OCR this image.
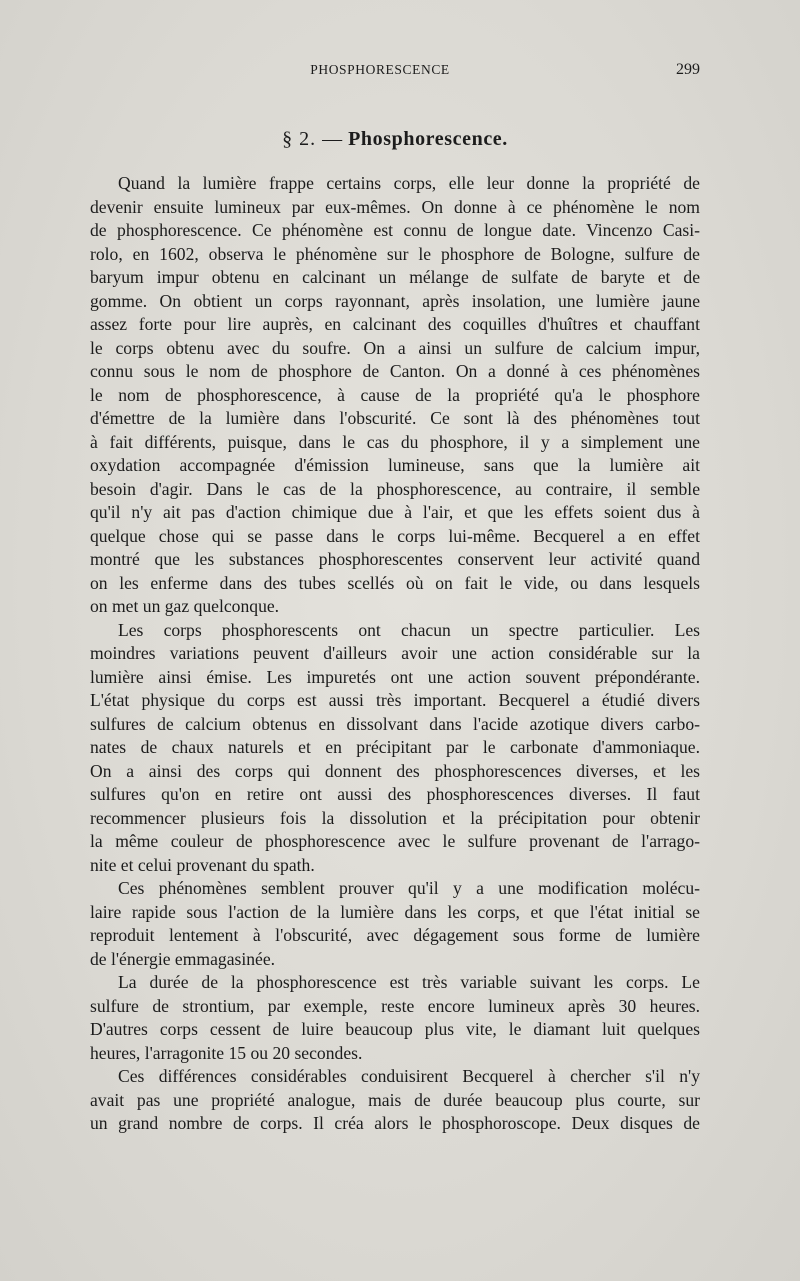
PHOSPHORESCENCE	299
§ 2. — Phosphorescence.
Quand la lumière frappe certains corps, elle leur donne la propriété de
devenir ensuite lumineux par eux-mêmes. On donne à ce phénomène le nom
de phosphorescence. Ce phénomène est connu de longue date. Vincenzo Casi-
rolo, en 1602, observa le phénomène sur le phosphore de Bologne, sulfure de
baryum impur obtenu en calcinant un mélange de sulfate de baryte et de
gomme. On obtient un corps rayonnant, après insolation, une lumière jaune
assez forte pour lire auprès, en calcinant des coquilles d'huîtres et chauffant
le corps obtenu avec du soufre. On a ainsi un sulfure de calcium impur,
connu sous le nom de phosphore de Canton. On a donné à ces phénomènes
le nom de phosphorescence, à cause de la propriété qu'a le phosphore
d'émettre de la lumière dans l'obscurité. Ce sont là des phénomènes tout
à fait différents, puisque, dans le cas du phosphore, il y a simplement une
oxydation accompagnée d'émission lumineuse, sans que la lumière ait
besoin d'agir. Dans le cas de la phosphorescence, au contraire, il semble
qu'il n'y ait pas d'action chimique due à l'air, et que les effets soient dus à
quelque chose qui se passe dans le corps lui-même. Becquerel a en effet
montré que les substances phosphorescentes conservent leur activité quand
on les enferme dans des tubes scellés où on fait le vide, ou dans lesquels
on met un gaz quelconque.
Les corps phosphorescents ont chacun un spectre particulier. Les
moindres variations peuvent d'ailleurs avoir une action considérable sur la
lumière ainsi émise. Les impuretés ont une action souvent prépondérante.
L'état physique du corps est aussi très important. Becquerel a étudié divers
sulfures de calcium obtenus en dissolvant dans l'acide azotique divers carbo-
nates de chaux naturels et en précipitant par le carbonate d'ammoniaque.
On a ainsi des corps qui donnent des phosphorescences diverses, et les
sulfures qu'on en retire ont aussi des phosphorescences diverses. Il faut
recommencer plusieurs fois la dissolution et la précipitation pour obtenir
la même couleur de phosphorescence avec le sulfure provenant de l'arrago-
nite et celui provenant du spath.
Ces phénomènes semblent prouver qu'il y a une modification molécu-
laire rapide sous l'action de la lumière dans les corps, et que l'état initial se
reproduit lentement à l'obscurité, avec dégagement sous forme de lumière
de l'énergie emmagasinée.
La durée de la phosphorescence est très variable suivant les corps. Le
sulfure de strontium, par exemple, reste encore lumineux après 30 heures.
D'autres corps cessent de luire beaucoup plus vite, le diamant luit quelques
heures, l'arragonite 15 ou 20 secondes.
Ces différences considérables conduisirent Becquerel à chercher s'il n'y
avait pas une propriété analogue, mais de durée beaucoup plus courte, sur
un grand nombre de corps. Il créa alors le phosphoroscope. Deux disques de
